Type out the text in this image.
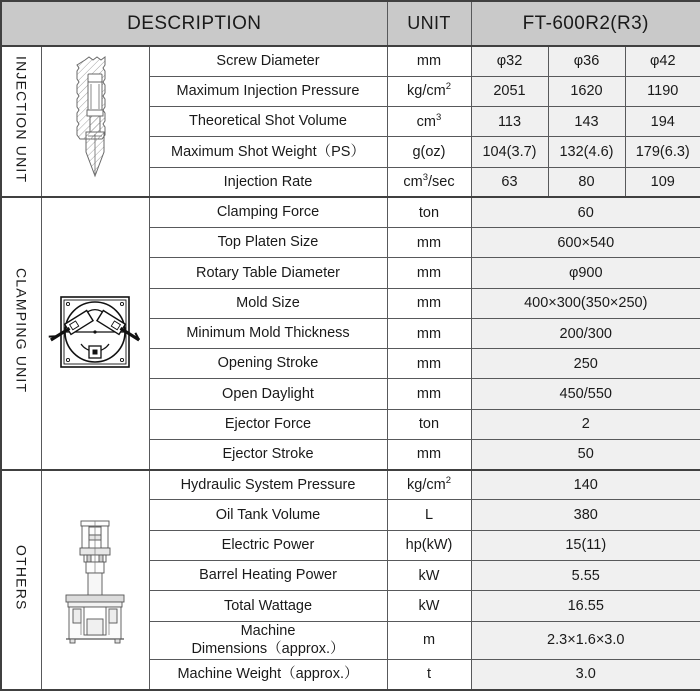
DESCRIPTION			UNIT	FT-600R2(R3)		
INJECTION UNIT		Screw Diameter	mm	φ32	φ36	φ42

		Maximum Injection Pressure	$kg/cm^2$	2051	1620	1190

		Theoretical Shot Volume	$cm^3$	113	143	194

		Maximum Shot Weight（PS）	g(oz)	104(3.7)	132(4.6)	179(6.3)

		Injection Rate	$cm^3/\sec$	63	80	109
CLAMPING UNIT		Clamping Force	ton	60		

		Top Platen Size	mm	600×540		

		Rotary Table Diameter	mm	φ900		

		Mold Size	mm	400×300(350×250)		

		Minimum Mold Thickness	mm	200/300		

		Opening Stroke	mm	250		

		Open Daylight	mm	450/550		

		Ejector Force	ton	2		

		Ejector Stroke	mm	50		
OTHERS		Hydraulic System Pressure	$kg/cm^2$	140		

		Oil Tank Volume	L	380		

		Electric Power	hp(kW)	15(11)		

		Barrel Heating Power	kW	5.55		

		Total Wattage	kW	16.55		

		Machine
Dimensions（approx.）	m	2.3×1.6×3.0		

		Machine Weight（approx.）	t	3.0		
